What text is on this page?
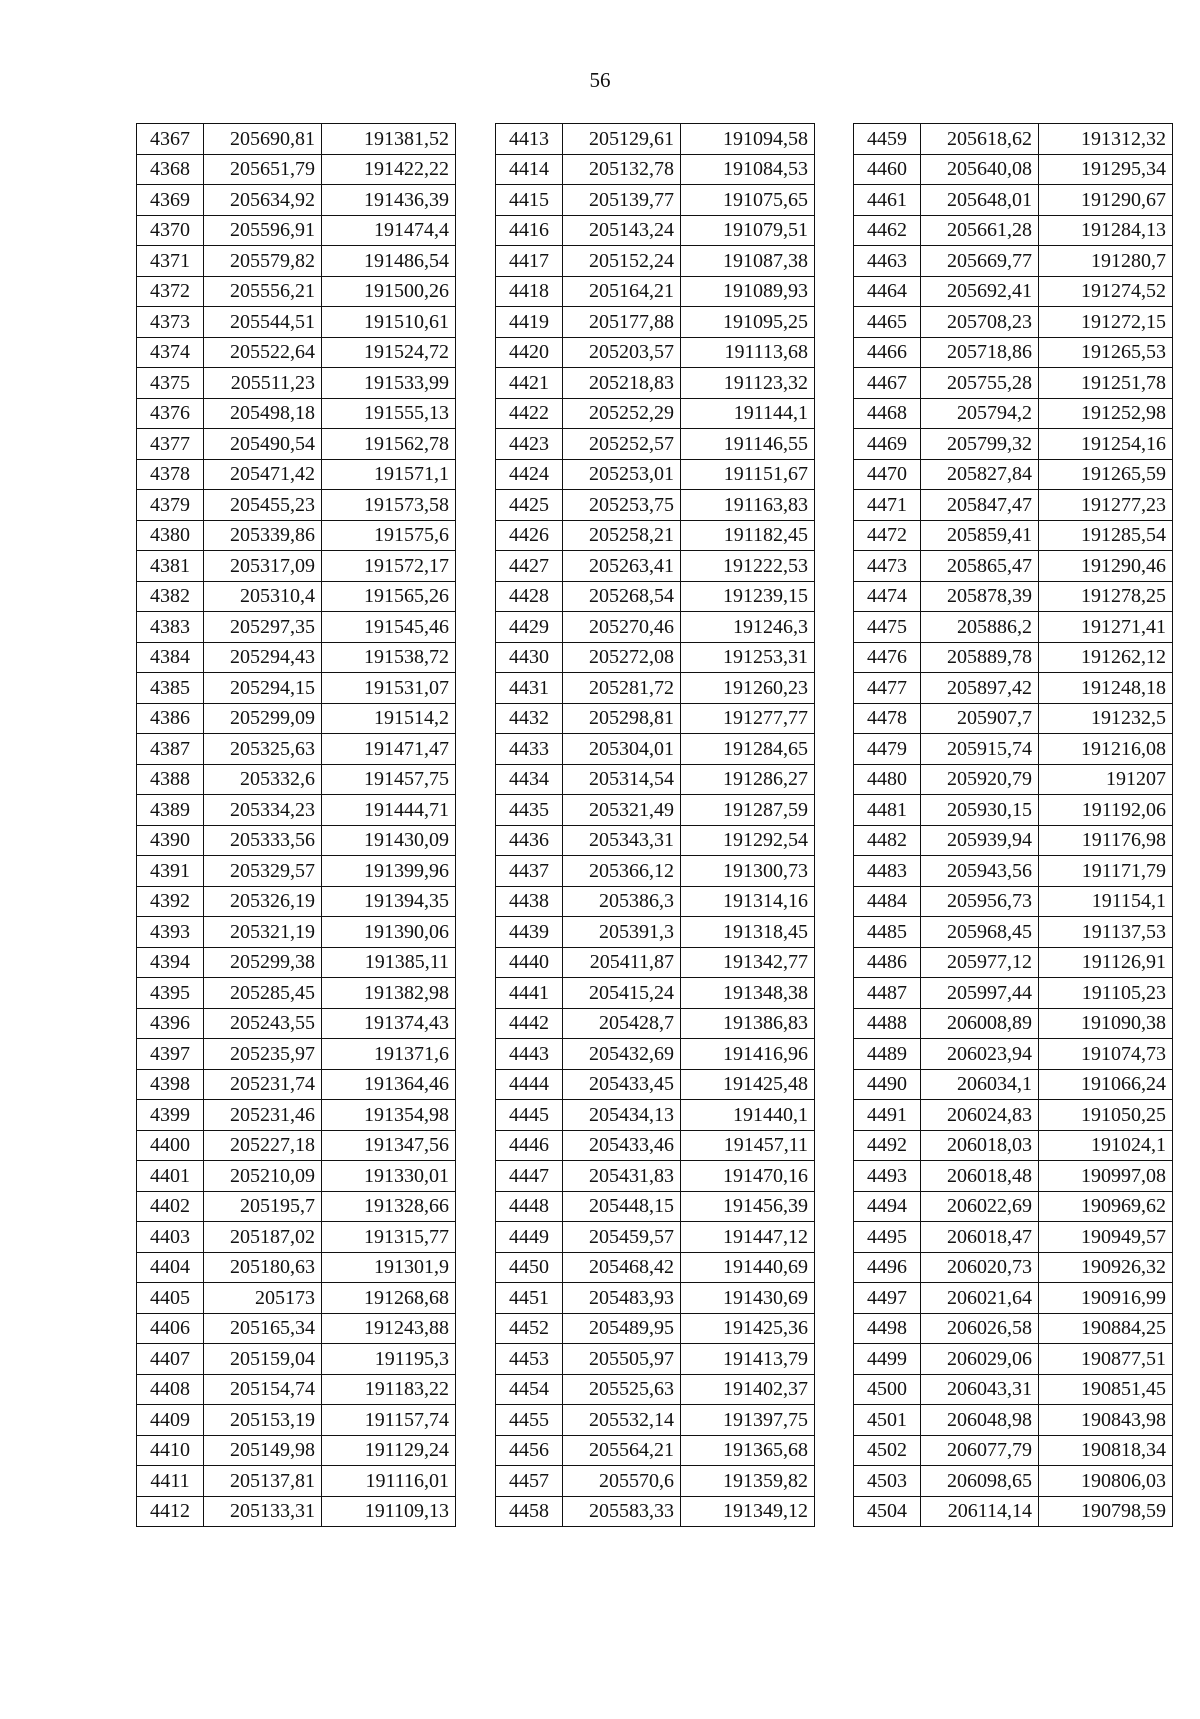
56
4367	205690,81	191381,52
4368	205651,79	191422,22
4369	205634,92	191436,39
4370	205596,91	191474,4
4371	205579,82	191486,54
4372	205556,21	191500,26
4373	205544,51	191510,61
4374	205522,64	191524,72
4375	205511,23	191533,99
4376	205498,18	191555,13
4377	205490,54	191562,78
4378	205471,42	191571,1
4379	205455,23	191573,58
4380	205339,86	191575,6
4381	205317,09	191572,17
4382	205310,4	191565,26
4383	205297,35	191545,46
4384	205294,43	191538,72
4385	205294,15	191531,07
4386	205299,09	191514,2
4387	205325,63	191471,47
4388	205332,6	191457,75
4389	205334,23	191444,71
4390	205333,56	191430,09
4391	205329,57	191399,96
4392	205326,19	191394,35
4393	205321,19	191390,06
4394	205299,38	191385,11
4395	205285,45	191382,98
4396	205243,55	191374,43
4397	205235,97	191371,6
4398	205231,74	191364,46
4399	205231,46	191354,98
4400	205227,18	191347,56
4401	205210,09	191330,01
4402	205195,7	191328,66
4403	205187,02	191315,77
4404	205180,63	191301,9
4405	205173	191268,68
4406	205165,34	191243,88
4407	205159,04	191195,3
4408	205154,74	191183,22
4409	205153,19	191157,74
4410	205149,98	191129,24
4411	205137,81	191116,01
4412	205133,31	191109,13
4413	205129,61	191094,58
4414	205132,78	191084,53
4415	205139,77	191075,65
4416	205143,24	191079,51
4417	205152,24	191087,38
4418	205164,21	191089,93
4419	205177,88	191095,25
4420	205203,57	191113,68
4421	205218,83	191123,32
4422	205252,29	191144,1
4423	205252,57	191146,55
4424	205253,01	191151,67
4425	205253,75	191163,83
4426	205258,21	191182,45
4427	205263,41	191222,53
4428	205268,54	191239,15
4429	205270,46	191246,3
4430	205272,08	191253,31
4431	205281,72	191260,23
4432	205298,81	191277,77
4433	205304,01	191284,65
4434	205314,54	191286,27
4435	205321,49	191287,59
4436	205343,31	191292,54
4437	205366,12	191300,73
4438	205386,3	191314,16
4439	205391,3	191318,45
4440	205411,87	191342,77
4441	205415,24	191348,38
4442	205428,7	191386,83
4443	205432,69	191416,96
4444	205433,45	191425,48
4445	205434,13	191440,1
4446	205433,46	191457,11
4447	205431,83	191470,16
4448	205448,15	191456,39
4449	205459,57	191447,12
4450	205468,42	191440,69
4451	205483,93	191430,69
4452	205489,95	191425,36
4453	205505,97	191413,79
4454	205525,63	191402,37
4455	205532,14	191397,75
4456	205564,21	191365,68
4457	205570,6	191359,82
4458	205583,33	191349,12
4459	205618,62	191312,32
4460	205640,08	191295,34
4461	205648,01	191290,67
4462	205661,28	191284,13
4463	205669,77	191280,7
4464	205692,41	191274,52
4465	205708,23	191272,15
4466	205718,86	191265,53
4467	205755,28	191251,78
4468	205794,2	191252,98
4469	205799,32	191254,16
4470	205827,84	191265,59
4471	205847,47	191277,23
4472	205859,41	191285,54
4473	205865,47	191290,46
4474	205878,39	191278,25
4475	205886,2	191271,41
4476	205889,78	191262,12
4477	205897,42	191248,18
4478	205907,7	191232,5
4479	205915,74	191216,08
4480	205920,79	191207
4481	205930,15	191192,06
4482	205939,94	191176,98
4483	205943,56	191171,79
4484	205956,73	191154,1
4485	205968,45	191137,53
4486	205977,12	191126,91
4487	205997,44	191105,23
4488	206008,89	191090,38
4489	206023,94	191074,73
4490	206034,1	191066,24
4491	206024,83	191050,25
4492	206018,03	191024,1
4493	206018,48	190997,08
4494	206022,69	190969,62
4495	206018,47	190949,57
4496	206020,73	190926,32
4497	206021,64	190916,99
4498	206026,58	190884,25
4499	206029,06	190877,51
4500	206043,31	190851,45
4501	206048,98	190843,98
4502	206077,79	190818,34
4503	206098,65	190806,03
4504	206114,14	190798,59
